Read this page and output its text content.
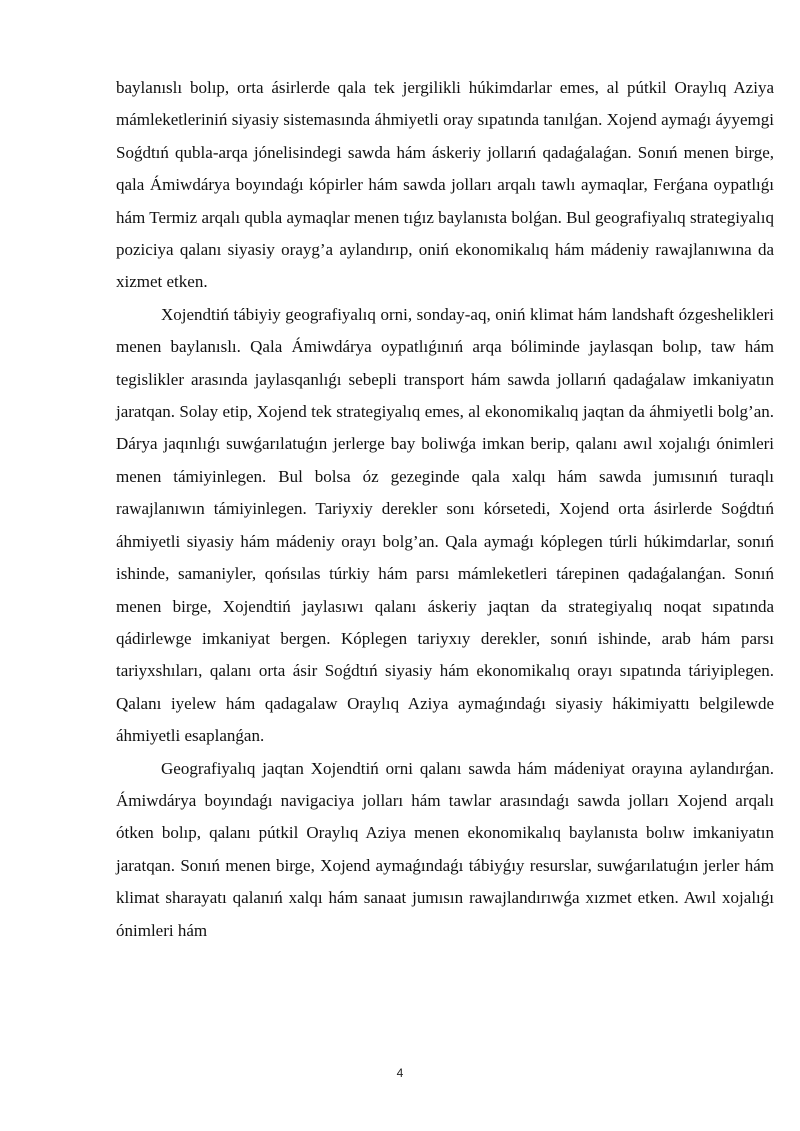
baylanıslı bolıp, orta ásirlerde qala tek jergilikli húkimdarlar emes, al pútkil Oraylıq Aziya mámleketleriniń siyasiy sistemasında áhmiyetli oray sıpatında tanılǵan. Xojend aymaǵı áyyemgi Soǵdtıń qubla-arqa jónelisindegi sawda hám áskeriy jollarıń qadaǵalaǵan. Sonıń menen birge, qala Ámiwdárya boyındaǵı kópirler hám sawda jolları arqalı tawlı aymaqlar, Ferǵana oypatlıǵı hám Termiz arqalı qubla aymaqlar menen tıǵız baylanısta bolǵan. Bul geografiyalıq strategiyalıq poziciya qalanı siyasiy orayg’a aylandırıp, oniń ekonomikalıq hám mádeniy rawajlanıwına da xizmet etken.

Xojendtiń tábiyiy geografiyalıq orni, sonday-aq, oniń klimat hám landshaft ózgeshelikleri menen baylanıslı. Qala Ámiwdárya oypatlıǵınıń arqa bóliminde jaylasqan bolıp, taw hám tegislikler arasında jaylasqanlıǵı sebepli transport hám sawda jollarıń qadaǵalaw imkaniyatın jaratqan. Solay etip, Xojend tek strategiyalıq emes, al ekonomikalıq jaqtan da áhmiyetli bolg’an. Dárya jaqınlıǵı suwǵarılatuǵın jerlerge bay boliwǵa imkan berip, qalanı awıl xojalıǵı ónimleri menen támiyinlegen. Bul bolsa óz gezeginde qala xalqı hám sawda jumısınıń turaqlı rawajlanıwın támiyinlegen. Tariyxiy derekler sonı kórsetedi, Xojend orta ásirlerde Soǵdtıń áhmiyetli siyasiy hám mádeniy orayı bolg’an. Qala aymaǵı kóplegen túrli húkimdarlar, sonıń ishinde, samaniyler, qońsılas túrkiy hám parsı mámleketleri tárepinen qadaǵalanǵan. Sonıń menen birge, Xojendtiń jaylasıwı qalanı áskeriy jaqtan da strategiyalıq noqat sıpatında qádirlewge imkaniyat bergen. Kóplegen tariyxıy derekler, sonıń ishinde, arab hám parsı tariyxshıları, qalanı orta ásir Soǵdtıń siyasiy hám ekonomikalıq orayı sıpatında táriyiplegen. Qalanı iyelew hám qadagalaw Oraylıq Aziya aymaǵındaǵı siyasiy hákimiyattı belgilewde áhmiyetli esaplanǵan.

Geografiyalıq jaqtan Xojendtiń orni qalanı sawda hám mádeniyat orayına aylandırǵan. Ámiwdárya boyındaǵı navigaciya jolları hám tawlar arasındaǵı sawda jolları Xojend arqalı ótken bolıp, qalanı pútkil Oraylıq Aziya menen ekonomikalıq baylanısta bolıw imkaniyatın jaratqan. Sonıń menen birge, Xojend aymaǵındaǵı tábiyǵıy resurslar, suwǵarılatuǵın jerler hám klimat sharayatı qalanıń xalqı hám sanaat jumısın rawajlandırıwǵa xızmet etken. Awıl xojalıǵı ónimleri hám

4
